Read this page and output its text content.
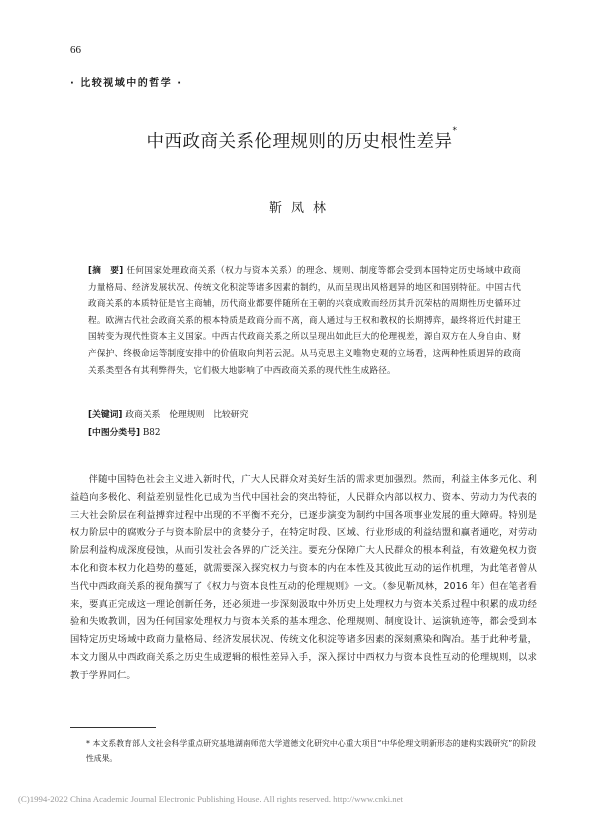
66
· 比较视域中的哲学 ·
中西政商关系伦理规则的历史根性差异*
靳凤林
[摘　要] 任何国家处理政商关系（权力与资本关系）的理念、规则、制度等都会受到本国特定历史场域中政商力量格局、经济发展状况、传统文化积淀等诸多因素的制约，从而呈现出风格迥异的地区和国别特征。中国古代政商关系的本质特征是官主商辅，历代商业都要伴随所在王朝的兴衰成败而经历其升沉荣枯的周期性历史循环过程。欧洲古代社会政商关系的根本特质是政商分而不离，商人通过与王权和教权的长期搏弈，最终将近代封建王国转变为现代性资本主义国家。中西古代政商关系之所以呈现出如此巨大的伦理视差，源自双方在人身自由、财产保护、终极命运等制度安排中的价值取向判若云泥。从马克思主义唯物史观的立场看，这两种性质迥异的政商关系类型各有其利弊得失，它们极大地影响了中西政商关系的现代性生成路径。
[关键词] 政商关系　伦理规则　比较研究
[中图分类号] B82
伴随中国特色社会主义进入新时代，广大人民群众对美好生活的需求更加强烈。然而，利益主体多元化、利益趋向多极化、利益差别显性化已成为当代中国社会的突出特征，人民群众内部以权力、资本、劳动力为代表的三大社会阶层在利益搏弈过程中出现的不平衡不充分，已逐步演变为制约中国各项事业发展的重大障碍。特别是权力阶层中的腐败分子与资本阶层中的贪婪分子，在特定时段、区域、行业形成的利益结盟和赢者通吃，对劳动阶层利益构成深度侵蚀，从而引发社会各界的广泛关注。要充分保障广大人民群众的根本利益，有效避免权力资本化和资本权力化趋势的蔓延，就需要深入探究权力与资本的内在本性及其彼此互动的运作机理，为此笔者曾从当代中西政商关系的视角撰写了《权力与资本良性互动的伦理规则》一文。（参见靳凤林，2016 年）但在笔者看来，要真正完成这一理论创新任务，还必须进一步深刻汲取中外历史上处理权力与资本关系过程中积累的成功经验和失败教训，因为任何国家处理权力与资本关系的基本理念、伦理规则、制度设计、运演轨迹等，都会受到本国特定历史场域中政商力量格局、经济发展状况、传统文化积淀等诸多因素的深刻熏染和陶冶。基于此种考量，本文力图从中西政商关系之历史生成逻辑的根性差异入手，深入探讨中西权力与资本良性互动的伦理规则，以求教于学界同仁。
* 本文系教育部人文社会科学重点研究基地湖南师范大学道德文化研究中心重大项目“中华伦理文明新形态的建构实践研究”的阶段性成果。
(C)1994-2022 China Academic Journal Electronic Publishing House. All rights reserved. http://www.cnki.net
